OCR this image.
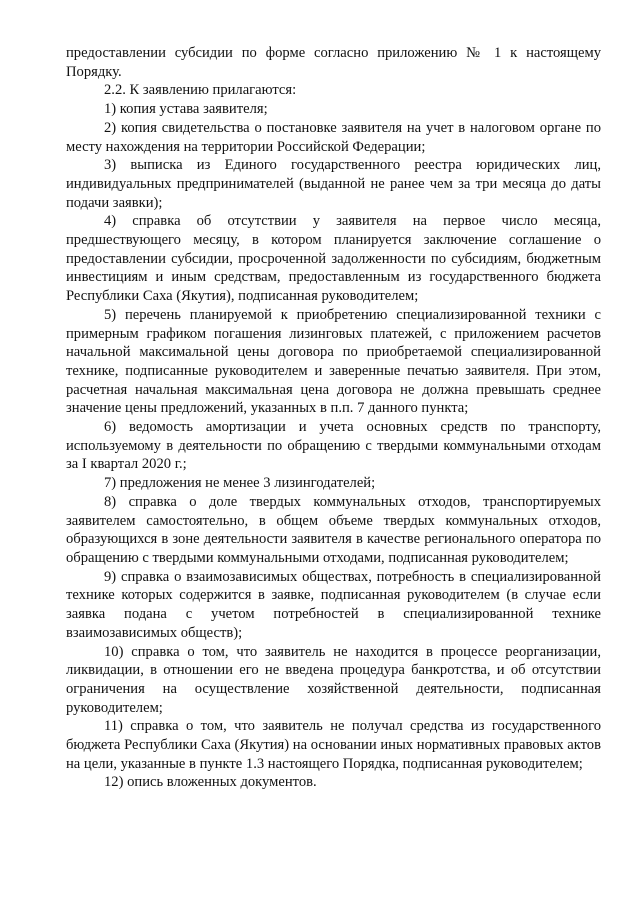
предоставлении субсидии по форме согласно приложению № 1 к настоящему Порядку.

2.2. К заявлению прилагаются:

1) копия устава заявителя;

2) копия свидетельства о постановке заявителя на учет в налоговом органе по месту нахождения на территории Российской Федерации;

3) выписка из Единого государственного реестра юридических лиц, индивидуальных предпринимателей (выданной не ранее чем за три месяца до даты подачи заявки);

4) справка об отсутствии у заявителя на первое число месяца, предшествующего месяцу, в котором планируется заключение соглашение о предоставлении субсидии, просроченной задолженности по субсидиям, бюджетным инвестициям и иным средствам, предоставленным из государственного бюджета Республики Саха (Якутия), подписанная руководителем;

5) перечень планируемой к приобретению специализированной техники с примерным графиком погашения лизинговых платежей, с приложением расчетов начальной максимальной цены договора по приобретаемой специализированной технике, подписанные руководителем и заверенные печатью заявителя. При этом, расчетная начальная максимальная цена договора не должна превышать среднее значение цены предложений, указанных в п.п. 7 данного пункта;

6) ведомость амортизации и учета основных средств по транспорту, используемому в деятельности по обращению с твердыми коммунальными отходам за I квартал 2020 г.;

7) предложения не менее 3 лизингодателей;

8) справка о доле твердых коммунальных отходов, транспортируемых заявителем самостоятельно, в общем объеме твердых коммунальных отходов, образующихся в зоне деятельности заявителя в качестве регионального оператора по обращению с твердыми коммунальными отходами, подписанная руководителем;

9) справка о взаимозависимых обществах, потребность в специализированной технике которых содержится в заявке, подписанная руководителем (в случае если заявка подана с учетом потребностей в специализированной технике взаимозависимых обществ);

10) справка о том, что заявитель не находится в процессе реорганизации, ликвидации, в отношении его не введена процедура банкротства, и об отсутствии ограничения на осуществление хозяйственной деятельности, подписанная руководителем;

11) справка о том, что заявитель не получал средства из государственного бюджета Республики Саха (Якутия) на основании иных нормативных правовых актов на цели, указанные в пункте 1.3 настоящего Порядка, подписанная руководителем;

12) опись вложенных документов.
